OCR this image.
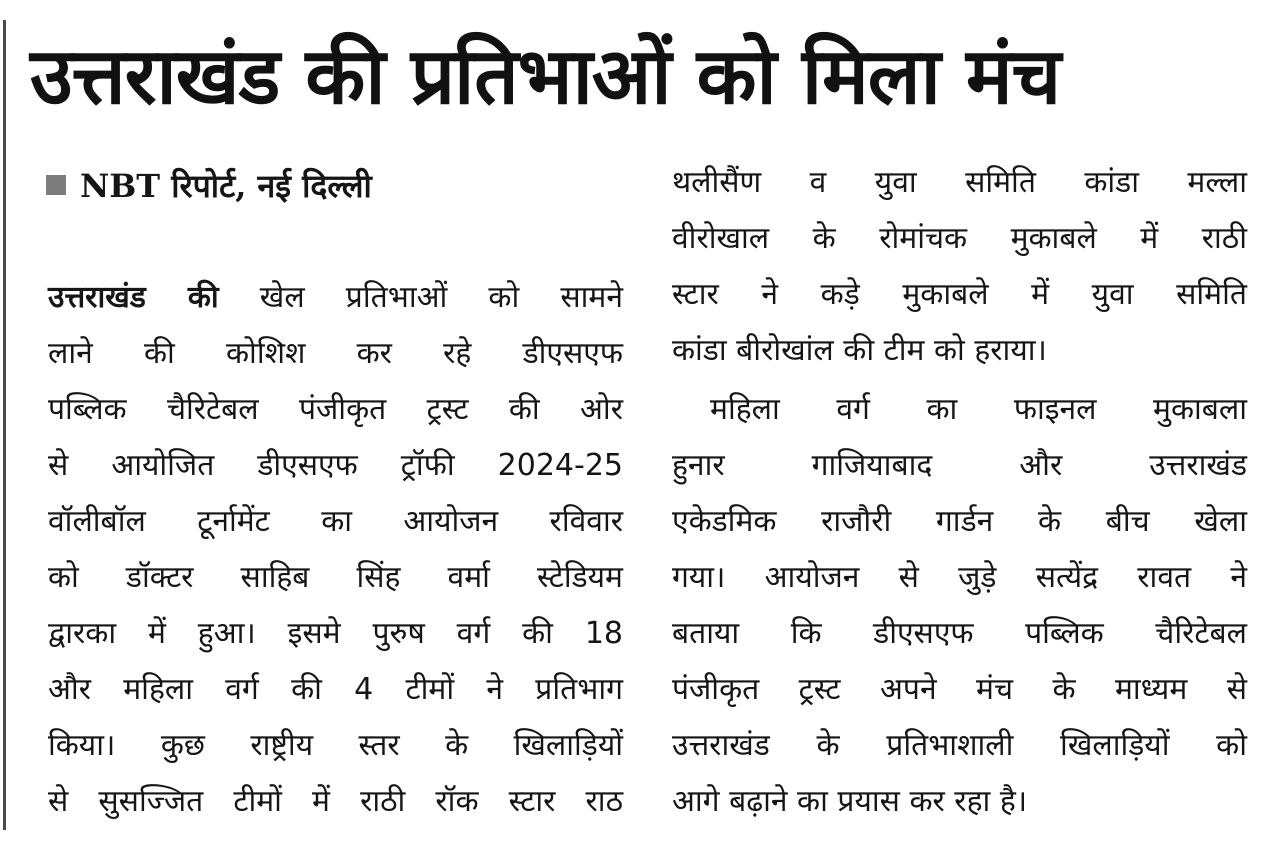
उत्तराखंड की प्रतिभाओं को मिला मंच
NBT रिपोर्ट, नई दिल्ली
उत्तराखंड की खेल प्रतिभाओं को सामने
लाने की कोशिश कर रहे डीएसएफ
पब्लिक चैरिटेबल पंजीकृत ट्रस्ट की ओर
से आयोजित डीएसएफ ट्रॉफी 2024-25
वॉलीबॉल टूर्नामेंट का आयोजन रविवार
को डॉक्टर साहिब सिंह वर्मा स्टेडियम
द्वारका में हुआ। इसमे पुरुष वर्ग की 18
और महिला वर्ग की 4 टीमों ने प्रतिभाग
किया। कुछ राष्ट्रीय स्तर के खिलाड़ियों
से सुसज्जित टीमों में राठी रॉक स्टार राठ
थलीसैंण व युवा समिति कांडा मल्ला
वीरोखाल के रोमांचक मुकाबले में राठी
स्टार ने कड़े मुकाबले में युवा समिति
कांडा बीरोखांल की टीम को हराया।
महिला वर्ग का फाइनल मुकाबला
हुनार गाजियाबाद और उत्तराखंड
एकेडमिक राजौरी गार्डन के बीच खेला
गया। आयोजन से जुड़े सत्येंद्र रावत ने
बताया कि डीएसएफ पब्लिक चैरिटेबल
पंजीकृत ट्रस्ट अपने मंच के माध्यम से
उत्तराखंड के प्रतिभाशाली खिलाड़ियों को
आगे बढ़ाने का प्रयास कर रहा है।
